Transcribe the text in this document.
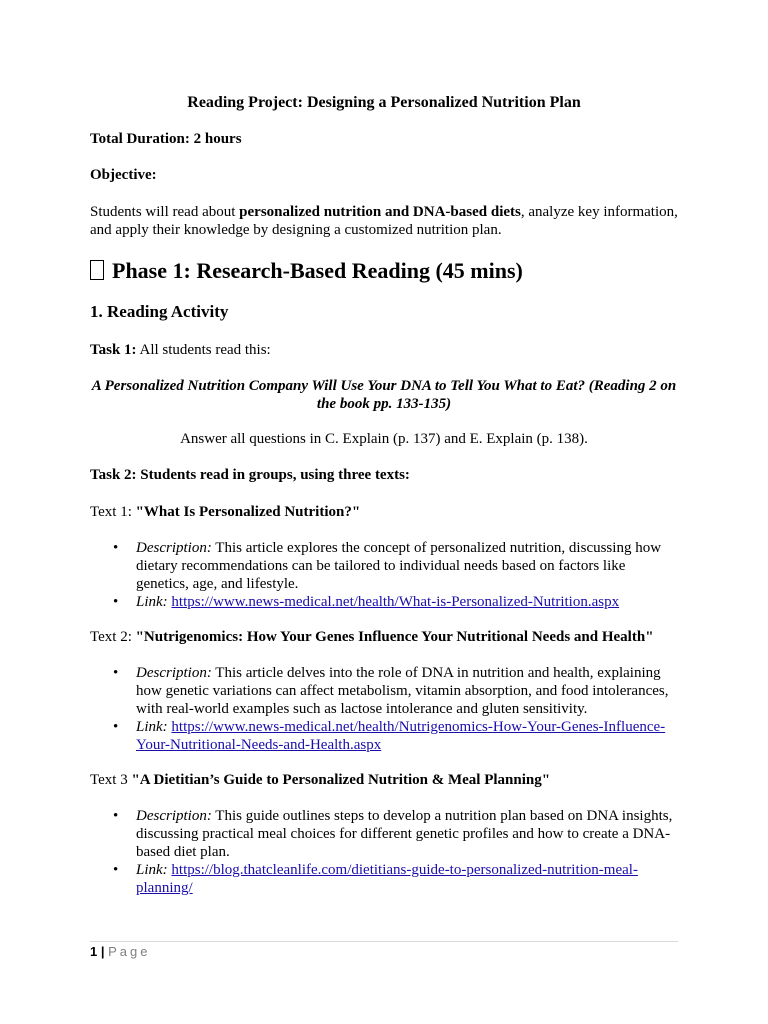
Reading Project: Designing a Personalized Nutrition Plan
Total Duration: 2 hours
Objective:
Students will read about personalized nutrition and DNA-based diets, analyze key information, and apply their knowledge by designing a customized nutrition plan.
Phase 1: Research-Based Reading (45 mins)
1. Reading Activity
Task 1: All students read this:
A Personalized Nutrition Company Will Use Your DNA to Tell You What to Eat? (Reading 2 on the book pp. 133-135)
Answer all questions in C. Explain (p. 137) and E. Explain (p. 138).
Task 2: Students read in groups, using three texts:
Text 1: "What Is Personalized Nutrition?"
• Description: This article explores the concept of personalized nutrition, discussing how dietary recommendations can be tailored to individual needs based on factors like genetics, age, and lifestyle.
• Link: https://www.news-medical.net/health/What-is-Personalized-Nutrition.aspx
Text 2: "Nutrigenomics: How Your Genes Influence Your Nutritional Needs and Health"
• Description: This article delves into the role of DNA in nutrition and health, explaining how genetic variations can affect metabolism, vitamin absorption, and food intolerances, with real-world examples such as lactose intolerance and gluten sensitivity.
• Link: https://www.news-medical.net/health/Nutrigenomics-How-Your-Genes-Influence-Your-Nutritional-Needs-and-Health.aspx
Text 3 "A Dietitian’s Guide to Personalized Nutrition & Meal Planning"
• Description: This guide outlines steps to develop a nutrition plan based on DNA insights, discussing practical meal choices for different genetic profiles and how to create a DNA-based diet plan.
• Link: https://blog.thatcleanlife.com/dietitians-guide-to-personalized-nutrition-meal-planning/
1 | Page
